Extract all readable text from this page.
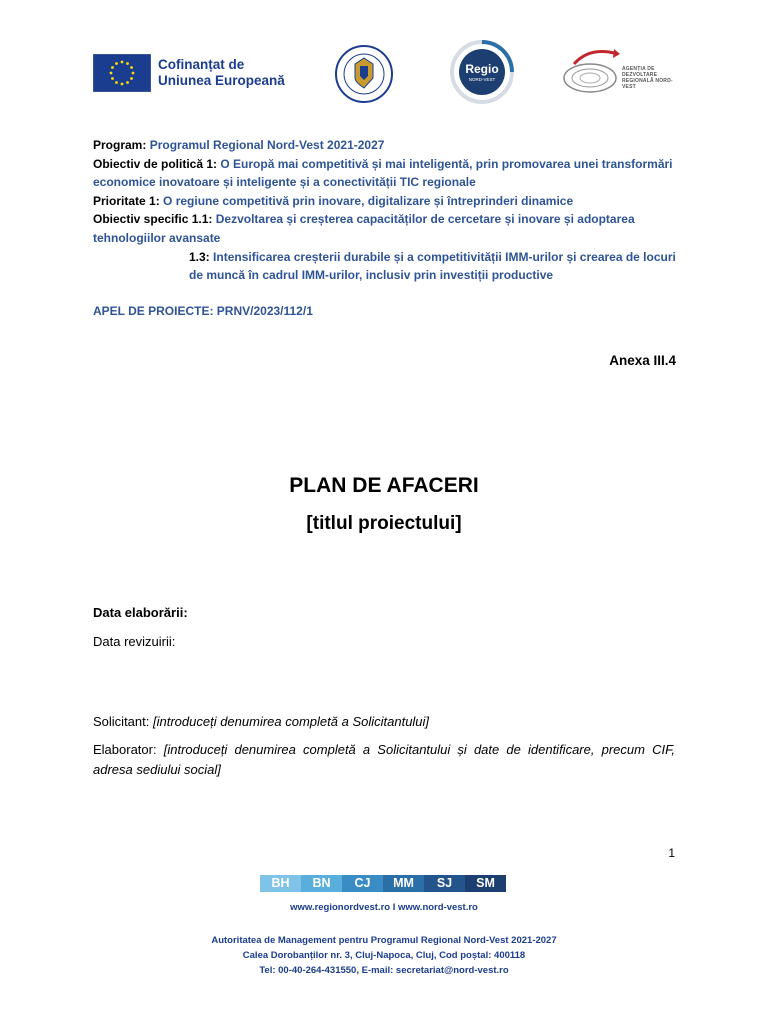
Cofinanțat de
Uniunea Europeană
Regio
NORD-VEST
AGENȚIA DE DEZVOLTARE REGIONALĂ NORD-VEST

Program: Programul Regional Nord-Vest 2021-2027

Obiectiv de politică 1: O Europă mai competitivă și mai inteligentă, prin promovarea unei transformări economice inovatoare și inteligente și a conectivității TIC regionale

Prioritate 1: O regiune competitivă prin inovare, digitalizare și întreprinderi dinamice

Obiectiv specific 1.1: Dezvoltarea și creșterea capacităților de cercetare și inovare și adoptarea tehnologiilor avansate

1.3: Intensificarea creșterii durabile și a competitivității IMM-urilor și crearea de locuri de muncă în cadrul IMM-urilor, inclusiv prin investiții productive

APEL DE PROIECTE: PRNV/2023/112/1
Anexa III.4
PLAN DE AFACERI
[titlul proiectului]
Data elaborării:
Data revizuirii:
Solicitant: [introduceți denumirea completă a Solicitantului]
Elaborator: [introduceți denumirea completă a Solicitantului și date de identificare, precum CIF, adresa sediului social]
1
BH	BN	CJ	MM	SJ	SM
www.regionordvest.ro I www.nord-vest.ro
Autoritatea de Management pentru Programul Regional Nord-Vest 2021-2027
Calea Dorobanților nr. 3, Cluj-Napoca, Cluj, Cod poștal: 400118
Tel: 00-40-264-431550, E-mail: secretariat@nord-vest.ro
